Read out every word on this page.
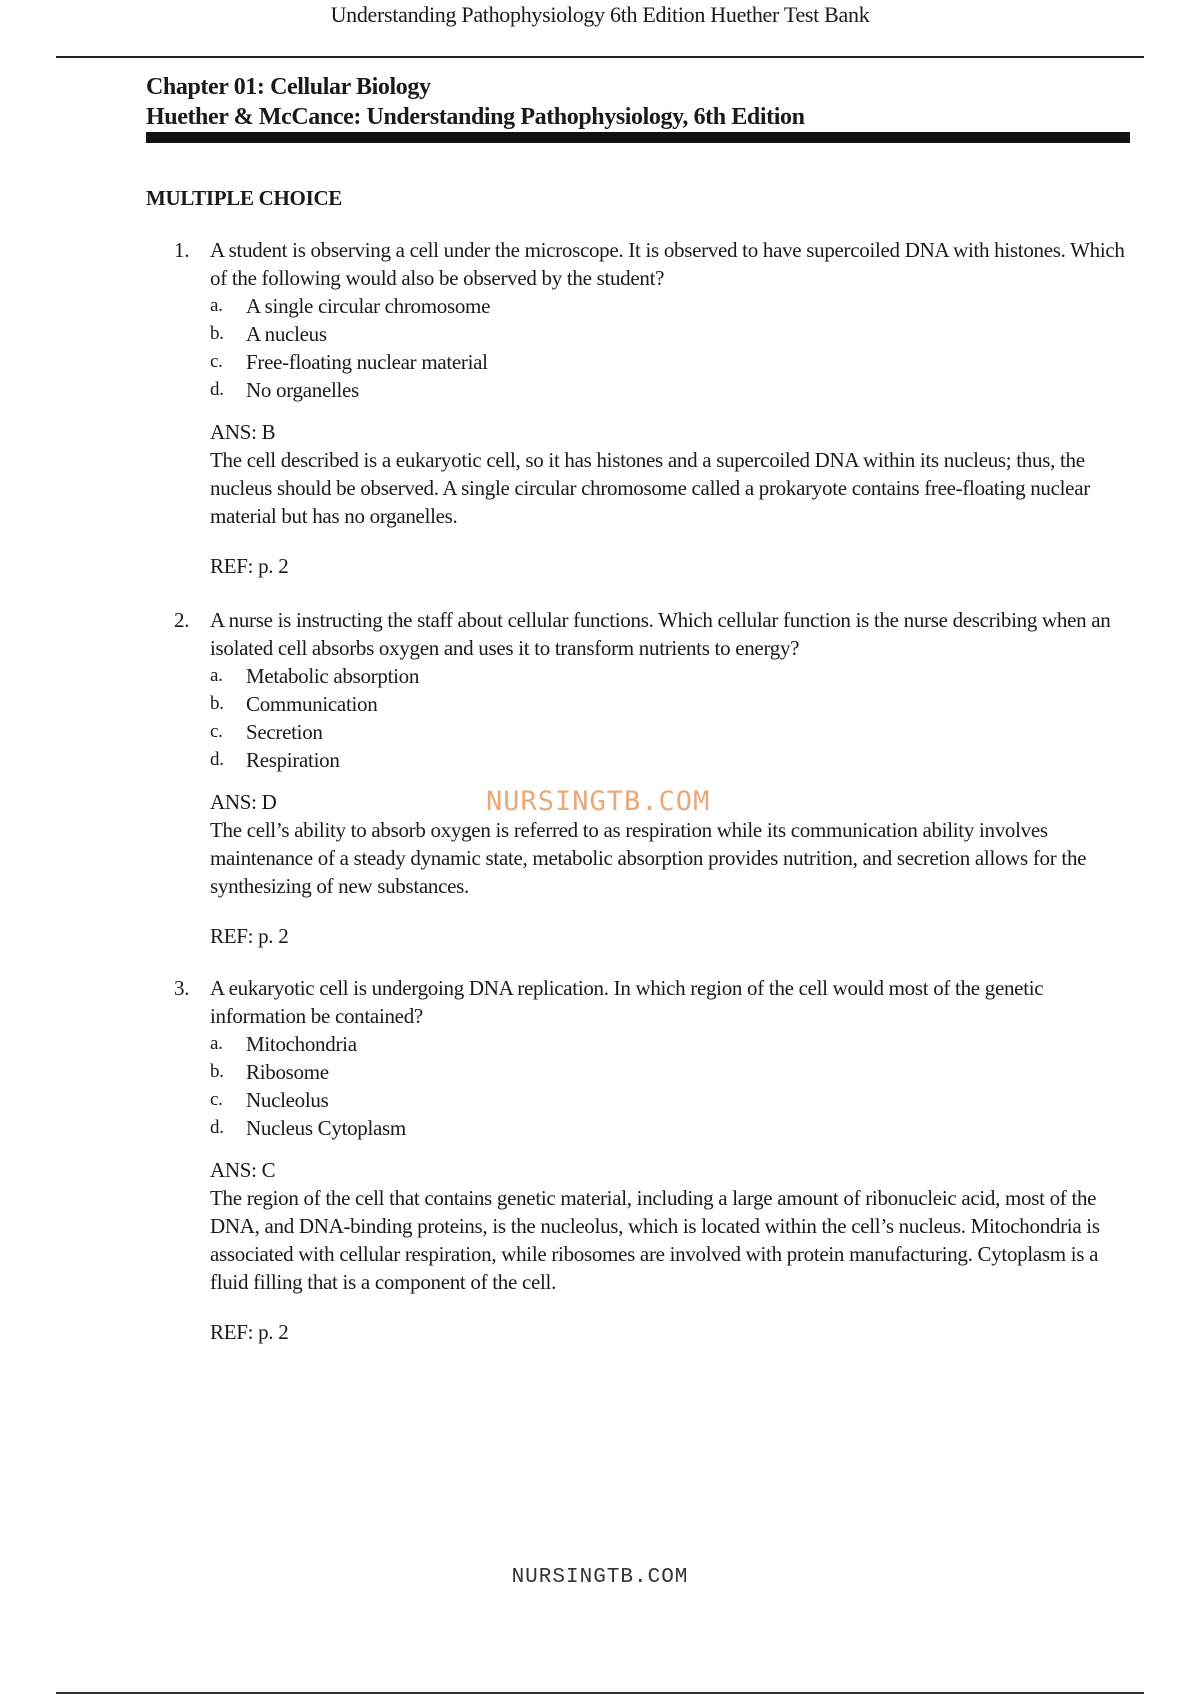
Understanding Pathophysiology 6th Edition Huether Test Bank
Chapter 01: Cellular Biology
Huether & McCance: Understanding Pathophysiology, 6th Edition
MULTIPLE CHOICE
1. A student is observing a cell under the microscope. It is observed to have supercoiled DNA with histones. Which of the following would also be observed by the student?
a. A single circular chromosome
b. A nucleus
c. Free-floating nuclear material
d. No organelles
ANS: B
The cell described is a eukaryotic cell, so it has histones and a supercoiled DNA within its nucleus; thus, the nucleus should be observed. A single circular chromosome called a prokaryote contains free-floating nuclear material but has no organelles.
REF: p. 2
2. A nurse is instructing the staff about cellular functions. Which cellular function is the nurse describing when an isolated cell absorbs oxygen and uses it to transform nutrients to energy?
a. Metabolic absorption
b. Communication
c. Secretion
d. Respiration
ANS: D
The cell’s ability to absorb oxygen is referred to as respiration while its communication ability involves maintenance of a steady dynamic state, metabolic absorption provides nutrition, and secretion allows for the synthesizing of new substances.
REF: p. 2
NURSINGTB.COM
3. A eukaryotic cell is undergoing DNA replication. In which region of the cell would most of the genetic information be contained?
a. Mitochondria
b. Ribosome
c. Nucleolus
d. Nucleus Cytoplasm
ANS: C
The region of the cell that contains genetic material, including a large amount of ribonucleic acid, most of the DNA, and DNA-binding proteins, is the nucleolus, which is located within the cell’s nucleus. Mitochondria is associated with cellular respiration, while ribosomes are involved with protein manufacturing. Cytoplasm is a fluid filling that is a component of the cell.
REF: p. 2
NURSINGTB.COM
